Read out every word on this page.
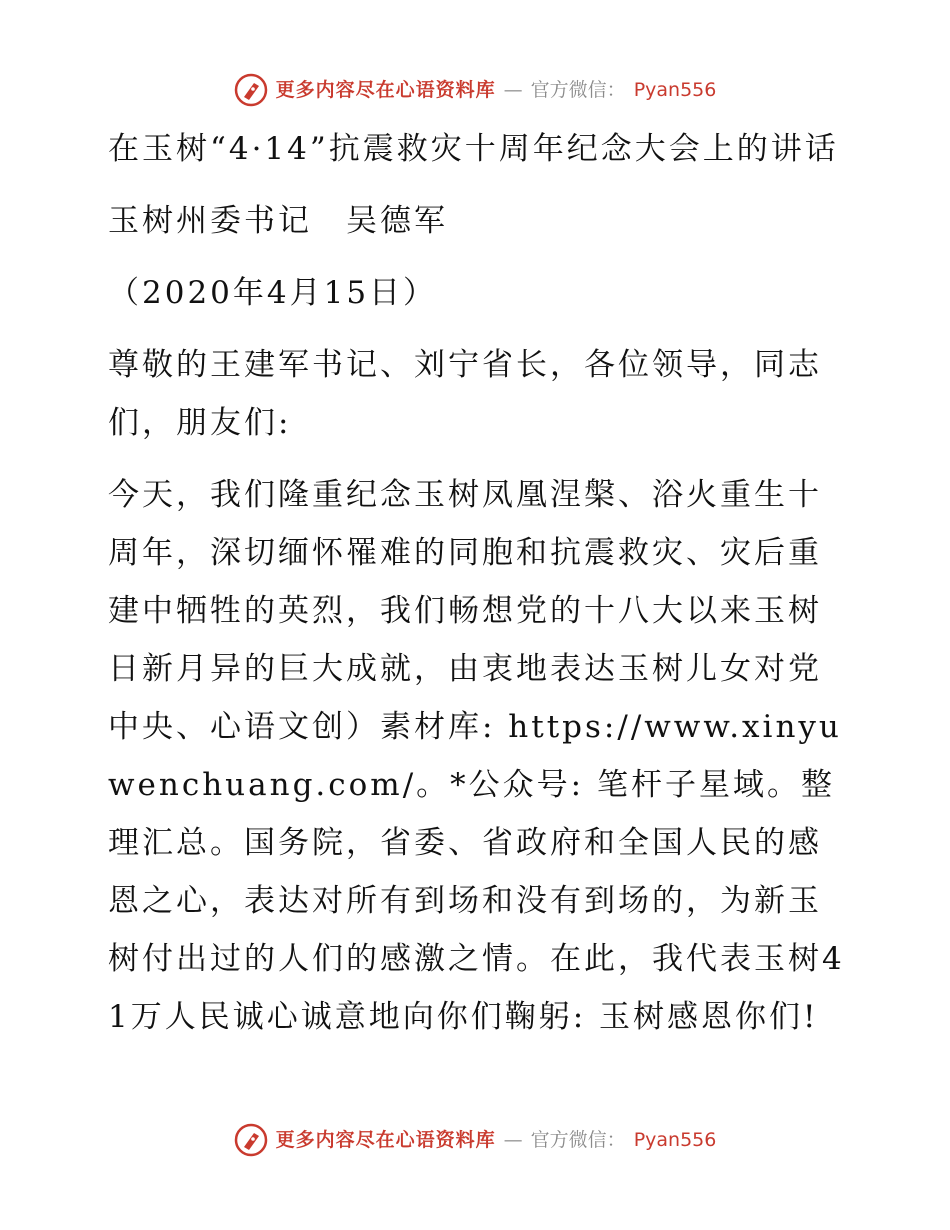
更多内容尽在心语资料库 — 官方微信： Pyan556

在玉树“4·14”抗震救灾十周年纪念大会上的讲话

玉树州委书记　吴德军

（2020年4月15日）

尊敬的王建军书记、刘宁省长，各位领导，同志们，朋友们:

今天，我们隆重纪念玉树凤凰涅槃、浴火重生十周年，深切缅怀罹难的同胞和抗震救灾、灾后重建中牺牲的英烈，我们畅想党的十八大以来玉树日新月异的巨大成就，由衷地表达玉树儿女对党中央、心语文创）素材库: https://www.xinyuwenchuang.com/。*公众号: 笔杆子星域。整理汇总。国务院，省委、省政府和全国人民的感恩之心，表达对所有到场和没有到场的，为新玉树付出过的人们的感激之情。在此，我代表玉树41万人民诚心诚意地向你们鞠躬: 玉树感恩你们!

更多内容尽在心语资料库 — 官方微信： Pyan556
